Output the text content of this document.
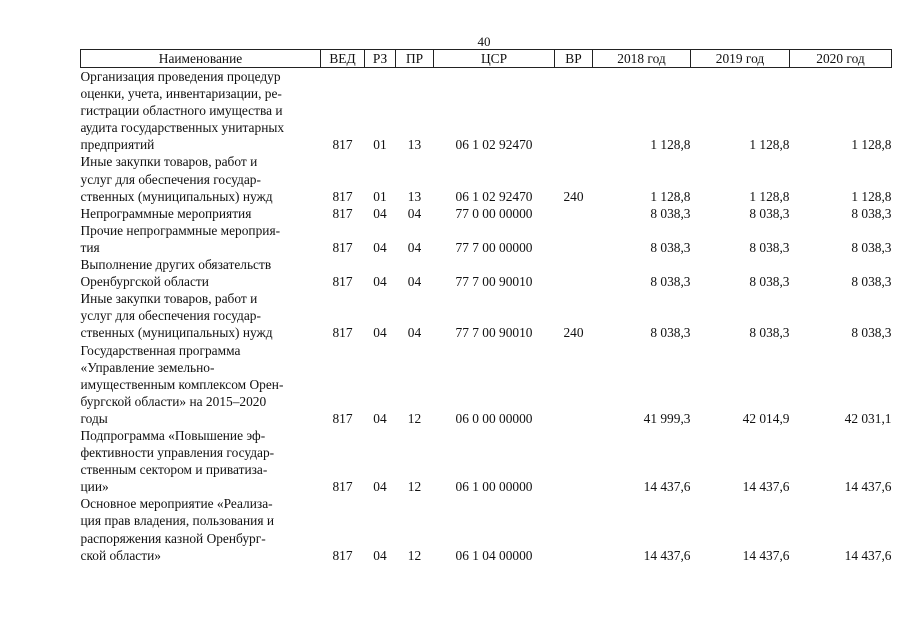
40
Наименование	ВЕД	РЗ	ПР	ЦСР	ВР	2018 год	2019 год	2020 год
Организация проведения процедур
оценки, учета, инвентаризации, ре-
гистрации областного имущества и
аудита государственных унитарных
предприятий	817	01	13	06 1 02 92470		1 128,8	1 128,8	1 128,8
Иные закупки товаров, работ и
услуг для обеспечения государ-
ственных (муниципальных) нужд	817	01	13	06 1 02 92470	240	1 128,8	1 128,8	1 128,8
Непрограммные мероприятия	817	04	04	77 0 00 00000		8 038,3	8 038,3	8 038,3
Прочие непрограммные мероприя-
тия	817	04	04	77 7 00 00000		8 038,3	8 038,3	8 038,3
Выполнение других обязательств
Оренбургской области	817	04	04	77 7 00 90010		8 038,3	8 038,3	8 038,3
Иные закупки товаров, работ и
услуг для обеспечения государ-
ственных (муниципальных) нужд	817	04	04	77 7 00 90010	240	8 038,3	8 038,3	8 038,3
Государственная программа
«Управление земельно-
имущественным комплексом Орен-
бургской области» на 2015–2020
годы	817	04	12	06 0 00 00000		41 999,3	42 014,9	42 031,1
Подпрограмма «Повышение эф-
фективности управления государ-
ственным сектором и приватиза-
ции»	817	04	12	06 1 00 00000		14 437,6	14 437,6	14 437,6
Основное мероприятие «Реализа-
ция прав владения, пользования и
распоряжения казной Оренбург-
ской области»	817	04	12	06 1 04 00000		14 437,6	14 437,6	14 437,6
